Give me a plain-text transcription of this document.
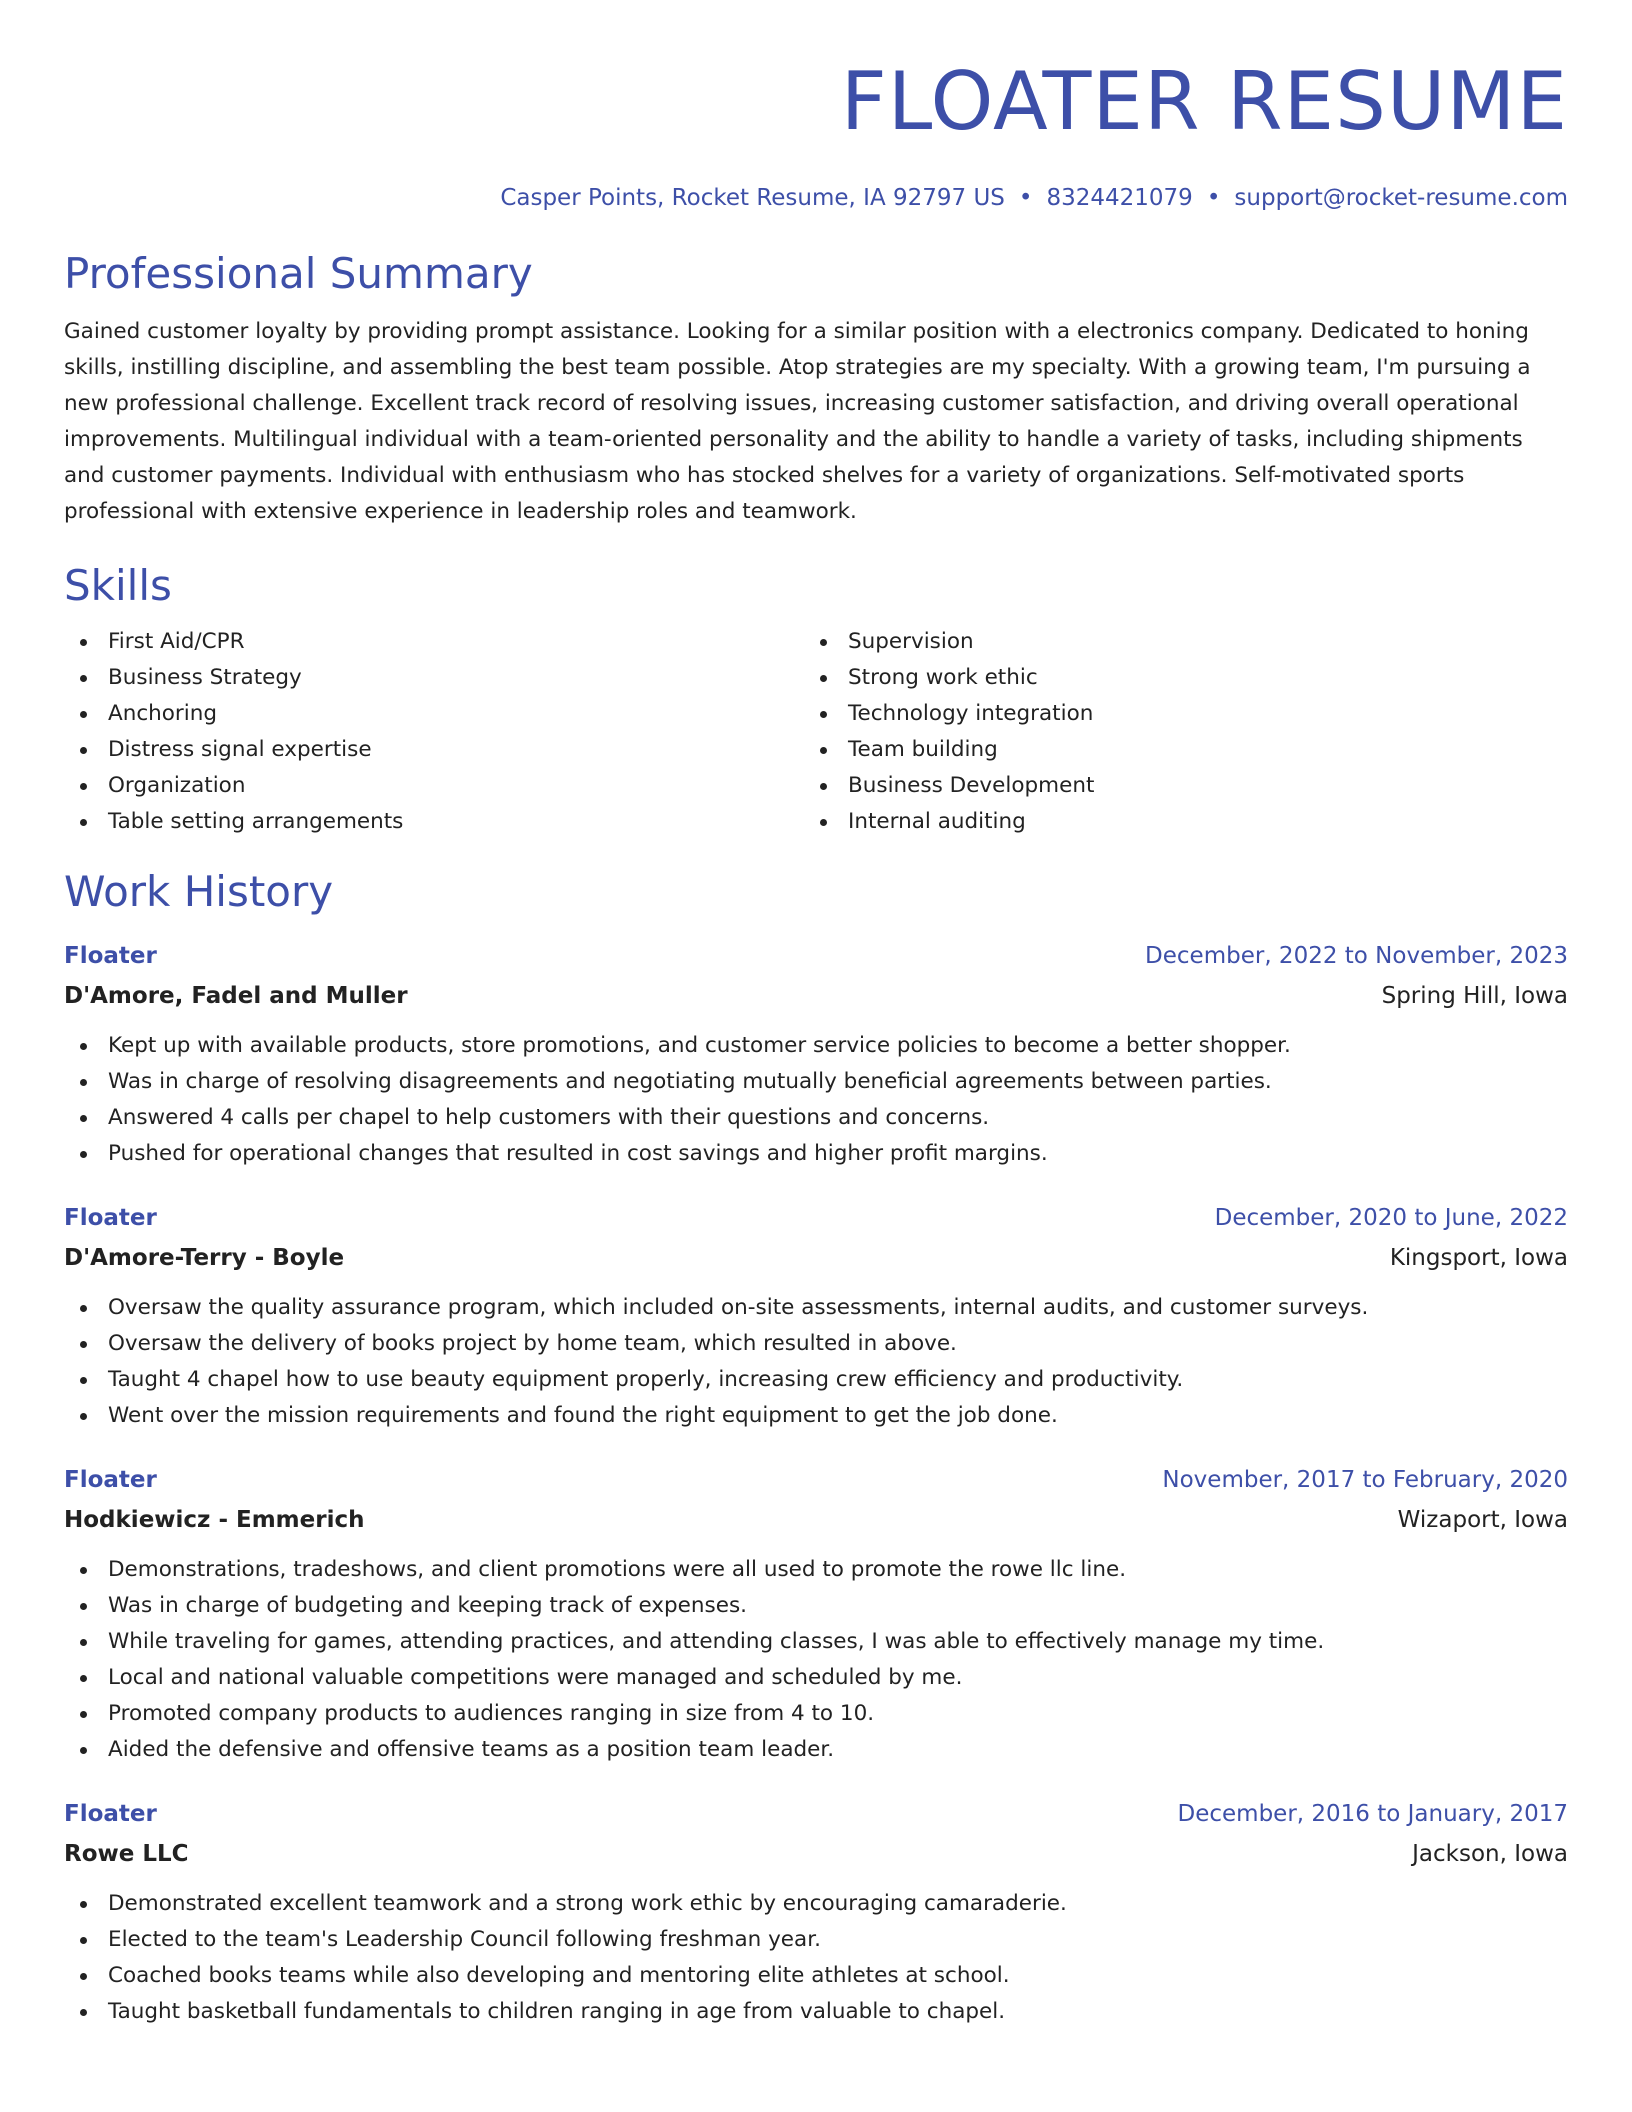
FLOATER RESUME
Casper Points, Rocket Resume, IA 92797 US • 8324421079 • support@rocket-resume.com
Professional Summary

Gained customer loyalty by providing prompt assistance. Looking for a similar position with a electronics company. Dedicated to honing skills, instilling discipline, and assembling the best team possible. Atop strategies are my specialty. With a growing team, I'm pursuing a new professional challenge. Excellent track record of resolving issues, increasing customer satisfaction, and driving overall operational improvements. Multilingual individual with a team-oriented personality and the ability to handle a variety of tasks, including shipments and customer payments. Individual with enthusiasm who has stocked shelves for a variety of organizations. Self-motivated sports professional with extensive experience in leadership roles and teamwork.

Skills
First Aid/CPR
Business Strategy
Anchoring
Distress signal expertise
Organization
Table setting arrangements
Supervision
Strong work ethic
Technology integration
Team building
Business Development
Internal auditing
Work History
Floater	December, 2022 to November, 2023
D'Amore, Fadel and Muller	Spring Hill, Iowa
Kept up with available products, store promotions, and customer service policies to become a better shopper.
Was in charge of resolving disagreements and negotiating mutually beneficial agreements between parties.
Answered 4 calls per chapel to help customers with their questions and concerns.
Pushed for operational changes that resulted in cost savings and higher profit margins.
Floater	December, 2020 to June, 2022
D'Amore-Terry - Boyle	Kingsport, Iowa
Oversaw the quality assurance program, which included on-site assessments, internal audits, and customer surveys.
Oversaw the delivery of books project by home team, which resulted in above.
Taught 4 chapel how to use beauty equipment properly, increasing crew efficiency and productivity.
Went over the mission requirements and found the right equipment to get the job done.
Floater	November, 2017 to February, 2020
Hodkiewicz - Emmerich	Wizaport, Iowa
Demonstrations, tradeshows, and client promotions were all used to promote the rowe llc line.
Was in charge of budgeting and keeping track of expenses.
While traveling for games, attending practices, and attending classes, I was able to effectively manage my time.
Local and national valuable competitions were managed and scheduled by me.
Promoted company products to audiences ranging in size from 4 to 10.
Aided the defensive and offensive teams as a position team leader.
Floater	December, 2016 to January, 2017
Rowe LLC	Jackson, Iowa
Demonstrated excellent teamwork and a strong work ethic by encouraging camaraderie.
Elected to the team's Leadership Council following freshman year.
Coached books teams while also developing and mentoring elite athletes at school.
Taught basketball fundamentals to children ranging in age from valuable to chapel.
